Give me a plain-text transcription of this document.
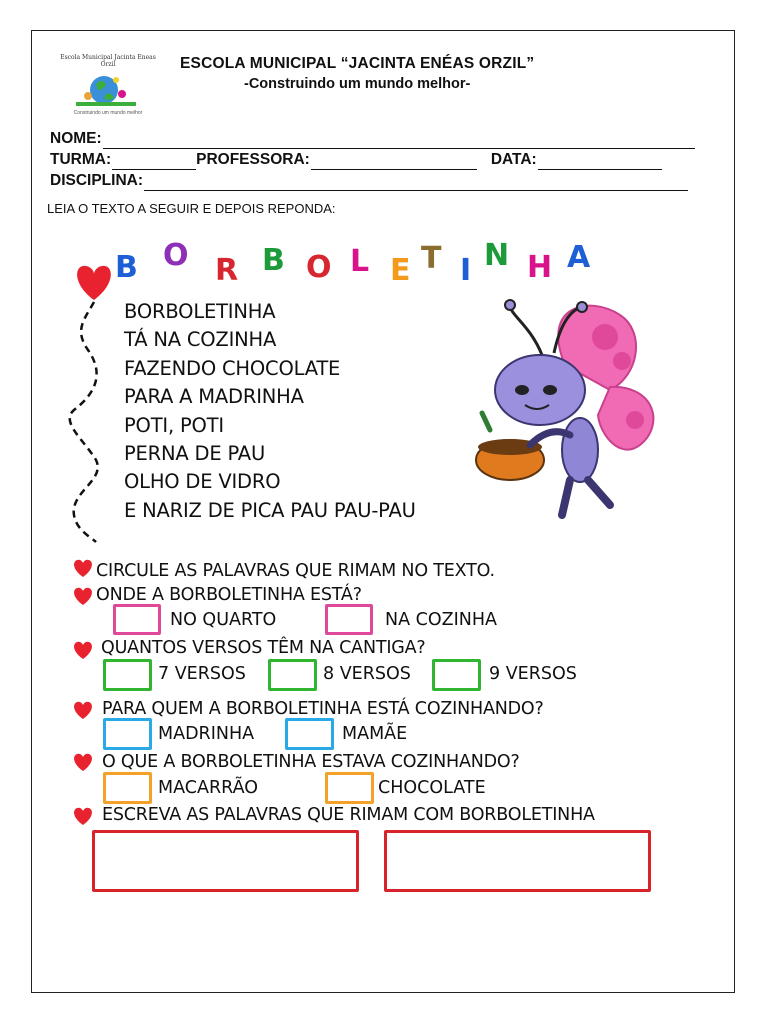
Escola Municipal Jacinta Eneas Orzil
Construindo um mundo melhor
ESCOLA MUNICIPAL “JACINTA ENÉAS ORZIL”
-Construindo um mundo melhor-
NOME:
TURMA:	PROFESSORA:	DATA:
DISCIPLINA:
LEIA O TEXTO A SEGUIR E DEPOIS REPONDA:
B O R B O L E T I N H A
BORBOLETINHA
TÁ NA COZINHA
FAZENDO CHOCOLATE
PARA A MADRINHA
POTI, POTI
PERNA DE PAU
OLHO DE VIDRO
E NARIZ DE PICA PAU PAU-PAU
CIRCULE AS PALAVRAS QUE RIMAM NO TEXTO.
ONDE A BORBOLETINHA ESTÁ?
NO QUARTO	NA COZINHA
QUANTOS VERSOS TÊM NA CANTIGA?
7 VERSOS	8 VERSOS	9 VERSOS
PARA QUEM A BORBOLETINHA ESTÁ COZINHANDO?
MADRINHA	MAMÃE
O QUE A BORBOLETINHA ESTAVA COZINHANDO?
MACARRÃO	CHOCOLATE
ESCREVA AS PALAVRAS QUE RIMAM COM BORBOLETINHA
